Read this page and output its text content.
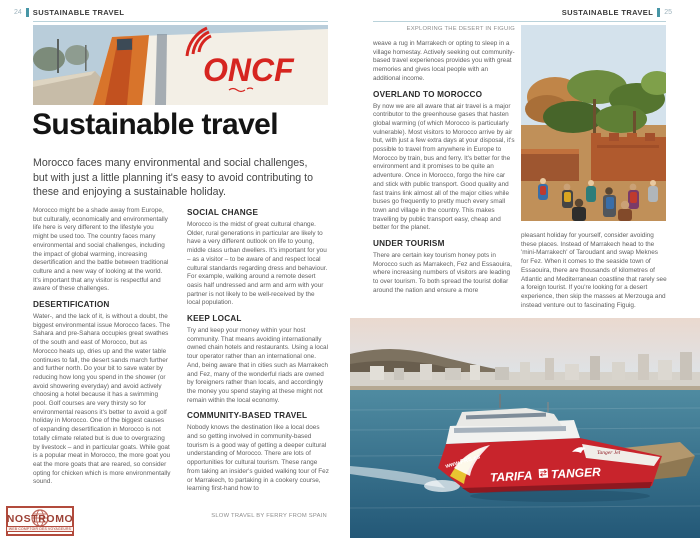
24 SUSTAINABLE TRAVEL
ONCF
Sustainable travel
Morocco faces many environmental and social challenges, but with just a little planning it's easy to avoid contributing to these and enjoying a sustainable holiday.

Morocco might be a shade away from Europe, but culturally, economically and environmentally life here is very different to the lifestyle you might be used too. The country faces many environmental and social challenges, including the impact of global warming, increasing desertification and the battle between traditional culture and a new way of looking at the world. It's important that any visitor is respectful and aware of these challenges.

DESERTIFICATION

Water-, and the lack of it, is without a doubt, the biggest environmental issue Morocco faces. The Sahara and pre-Sahara occupies great swathes of the south and east of Morocco, but as Morocco heats up, dries up and the water table continues to fall, the desert sands march further and further north. Do your bit to save water by reducing how long you spend in the shower (or avoid showering everyday) and avoid actively choosing a hotel because it has a swimming pool. Golf courses are very thirsty so for environmental reasons it's better to avoid a golf holiday in Morocco. One of the biggest causes of expanding desertification in Morocco is not totally climate related but is due to overgrazing by livestock – and in particular goats. While goat is a popular meat in Morocco, the more goat you eat the more goats that are reared, so consider opting for chicken which is more environmentally sound.

SOCIAL CHANGE

Morocco is the midst of great cultural change. Older, rural generations in particular are likely to have a very different outlook on life to young, middle class urban dwellers. It's important for you – as a visitor – to be aware of and respect local cultural standards regarding dress and behaviour. For example, walking around a remote desert oasis half undressed and arm and arm with your partner is not likely to be well-received by the local population.

KEEP LOCAL

Try and keep your money within your host community. That means avoiding internationally owned chain hotels and restaurants. Using a local tour operator rather than an international one. And, being aware that in cities such as Marrakech and Fez, many of the wonderful riads are owned by foreigners rather than locals, and accordingly the money you spend staying at these might not remain within the local economy.

COMMUNITY-BASED TRAVEL

Nobody knows the destination like a local does and so getting involved in community-based tourism is a good way of getting a deeper cultural understanding of Morocco. There are lots of opportunities for cultural tourism. These range from taking an insider's guided walking tour of Fez or Marrakech, to partaking in a cookery course, learning first-hand how to

SLOW TRAVEL BY FERRY FROM SPAIN
SUSTAINABLE TRAVEL 25
EXPLORING THE DESERT IN FIGUIG

weave a rug in Marrakech or opting to sleep in a village homestay. Actively seeking out community-based travel experiences provides you with great memories and gives local people with an additional income.

OVERLAND TO MOROCCO

By now we are all aware that air travel is a major contributor to the greenhouse gases that hasten global warming (of which Morocco is particularly vulnerable). Most visitors to Morocco arrive by air but, with just a few extra days at your disposal, it's possible to travel from anywhere in Europe to Morocco by train, bus and ferry. It's better for the environment and it promises to be quite an adventure. Once in Morocco, forgo the hire car and stick with public transport. Good quality and fast trains link almost all of the major cities while buses go frequently to pretty much every small town and village in the country. This makes travelling by public transport easy, cheap and better for the planet.

UNDER TOURISM

There are certain key tourism honey pots in Morocco such as Marrakech, Fez and Essaouira, where increasing numbers of visitors are leading to over tourism. To both spread the tourist dollar around the nation and ensure a more

pleasant holiday for yourself, consider avoiding these places. Instead of Marrakech head to the 'mini-Marrakech' of Taroudant and swap Meknes for Fez. When it comes to the seaside town of Essaouira, there are thousands of kilometres of Atlantic and Mediterranean coastline that rarely see a foreign tourist. If you're looking for a desert experience, then skip the masses at Merzouga and instead venture out to fascinating Figuig.

www.FRS.es
TARIFA TANGER
Tanger Jet
NOSTROMO
WEB COMPTOIR DES VOYAGEURS
